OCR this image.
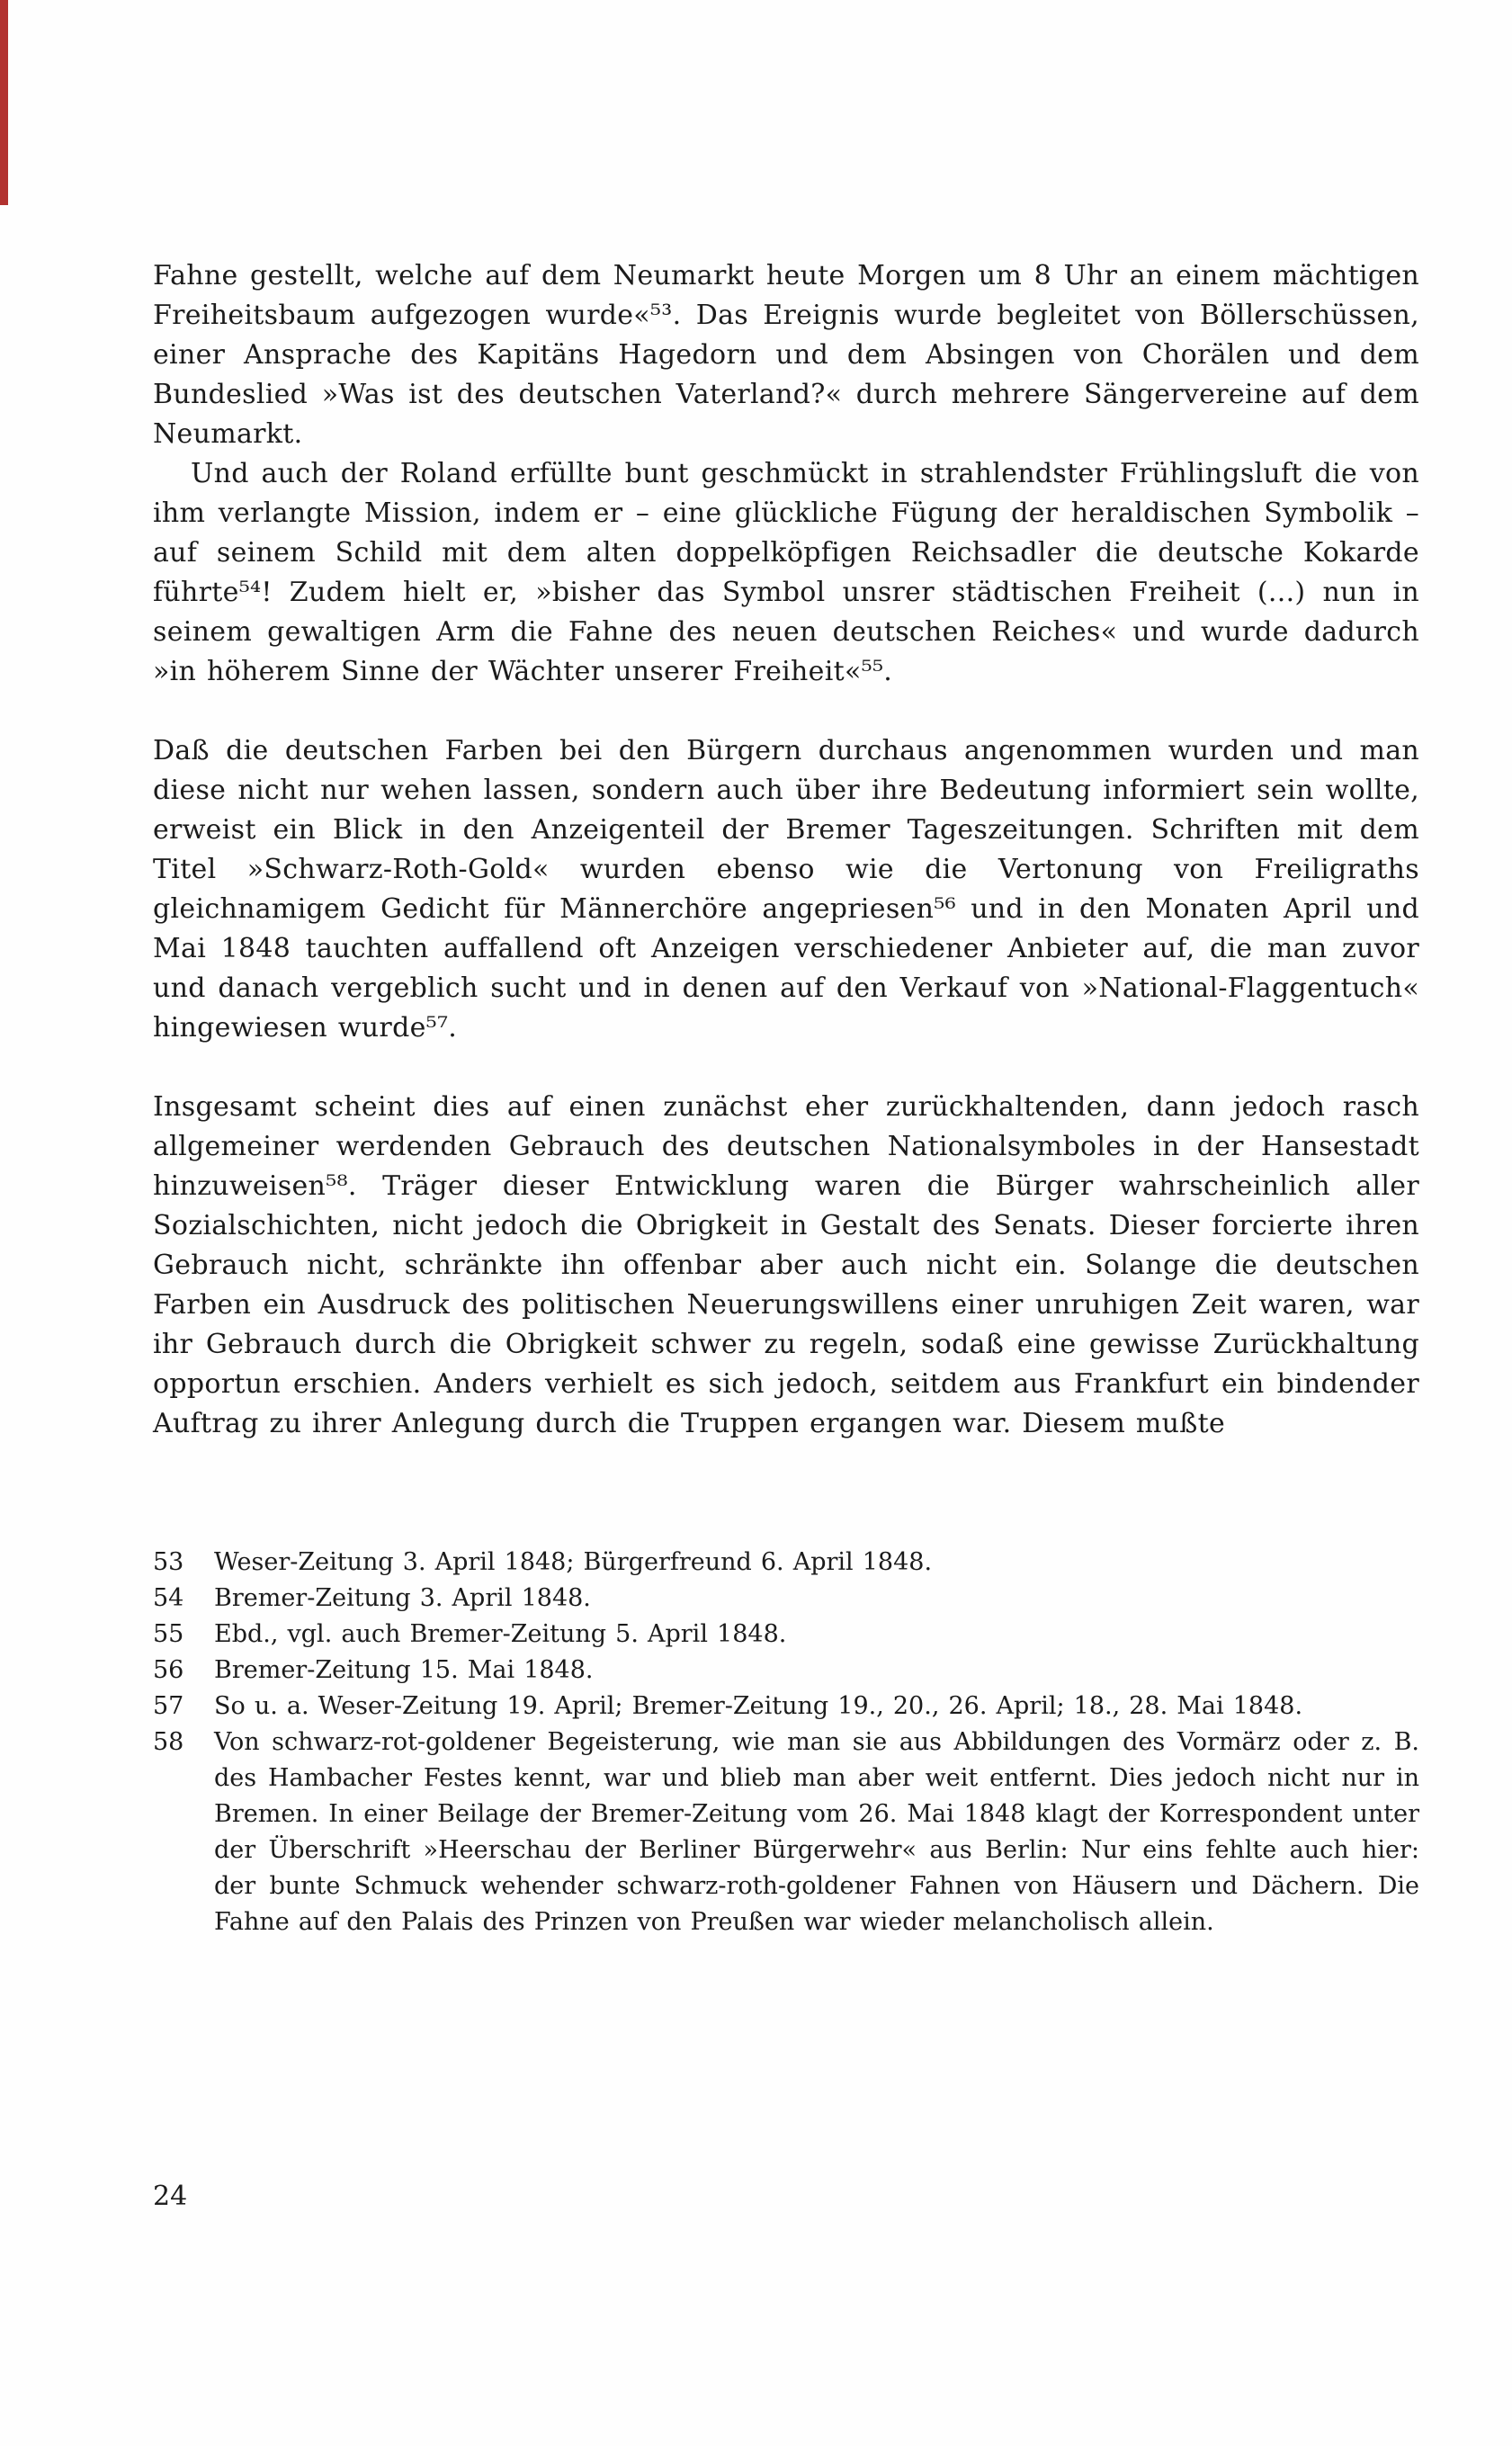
Fahne gestellt, welche auf dem Neumarkt heute Morgen um 8 Uhr an einem mächtigen Freiheitsbaum aufgezogen wurde«⁵³. Das Ereignis wurde begleitet von Böllerschüssen, einer Ansprache des Kapitäns Hagedorn und dem Absingen von Chorälen und dem Bundeslied »Was ist des deutschen Vaterland?« durch mehrere Sängervereine auf dem Neumarkt.

Und auch der Roland erfüllte bunt geschmückt in strahlendster Frühlingsluft die von ihm verlangte Mission, indem er – eine glückliche Fügung der heraldischen Symbolik – auf seinem Schild mit dem alten doppelköpfigen Reichsadler die deutsche Kokarde führte⁵⁴! Zudem hielt er, »bisher das Symbol unsrer städtischen Freiheit (...) nun in seinem gewaltigen Arm die Fahne des neuen deutschen Reiches« und wurde dadurch »in höherem Sinne der Wächter unserer Freiheit«⁵⁵.

Daß die deutschen Farben bei den Bürgern durchaus angenommen wurden und man diese nicht nur wehen lassen, sondern auch über ihre Bedeutung informiert sein wollte, erweist ein Blick in den Anzeigenteil der Bremer Tageszeitungen. Schriften mit dem Titel »Schwarz-Roth-Gold« wurden ebenso wie die Vertonung von Freiligraths gleichnamigem Gedicht für Männerchöre angepriesen⁵⁶ und in den Monaten April und Mai 1848 tauchten auffallend oft Anzeigen verschiedener Anbieter auf, die man zuvor und danach vergeblich sucht und in denen auf den Verkauf von »National-Flaggentuch« hingewiesen wurde⁵⁷.

Insgesamt scheint dies auf einen zunächst eher zurückhaltenden, dann jedoch rasch allgemeiner werdenden Gebrauch des deutschen Nationalsymboles in der Hansestadt hinzuweisen⁵⁸. Träger dieser Entwicklung waren die Bürger wahrscheinlich aller Sozialschichten, nicht jedoch die Obrigkeit in Gestalt des Senats. Dieser forcierte ihren Gebrauch nicht, schränkte ihn offenbar aber auch nicht ein. Solange die deutschen Farben ein Ausdruck des politischen Neuerungswillens einer unruhigen Zeit waren, war ihr Gebrauch durch die Obrigkeit schwer zu regeln, sodaß eine gewisse Zurückhaltung opportun erschien. Anders verhielt es sich jedoch, seitdem aus Frankfurt ein bindender Auftrag zu ihrer Anlegung durch die Truppen ergangen war. Diesem mußte

53	Weser-Zeitung 3. April 1848; Bürgerfreund 6. April 1848.
54	Bremer-Zeitung 3. April 1848.
55	Ebd., vgl. auch Bremer-Zeitung 5. April 1848.
56	Bremer-Zeitung 15. Mai 1848.
57	So u. a. Weser-Zeitung 19. April; Bremer-Zeitung 19., 20., 26. April; 18., 28. Mai 1848.
58	Von schwarz-rot-goldener Begeisterung, wie man sie aus Abbildungen des Vormärz oder z. B. des Hambacher Festes kennt, war und blieb man aber weit entfernt. Dies jedoch nicht nur in Bremen. In einer Beilage der Bremer-Zeitung vom 26. Mai 1848 klagt der Korrespondent unter der Überschrift »Heerschau der Berliner Bürgerwehr« aus Berlin: Nur eins fehlte auch hier: der bunte Schmuck wehender schwarz-roth-goldener Fahnen von Häusern und Dächern. Die Fahne auf den Palais des Prinzen von Preußen war wieder melancholisch allein.
24
